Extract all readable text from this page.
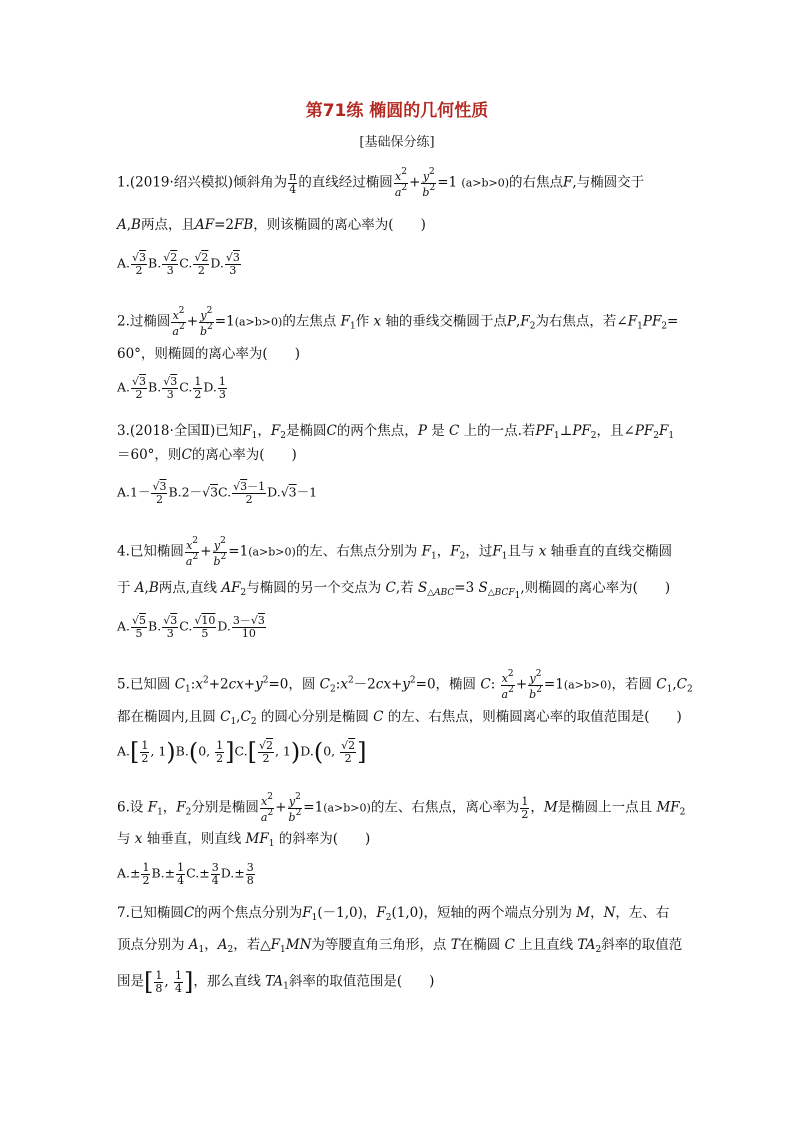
第71练 椭圆的几何性质
[基础保分练]
1.(2019·绍兴模拟)倾斜角为 $\frac{\pi}{4}$ 的直线经过椭圆 $\frac{x^2}{a^2} + \frac{y^2}{b^2} =1$ (a>b>0)的右焦点F,与椭圆交于
A,B两点，且AF=2FB，则该椭圆的离心率为(　　)
A. $\frac{√3}{2} B$. $\frac{√2}{3} C$. $\frac{√2}{2} D$. $\frac{√3}{3}$
2.过椭圆 $\frac{x^2}{a^2} + \frac{y^2}{b^2} =1(a>b>0)$的左焦点 $F_1$作 x 轴的垂线交椭圆于点$P,F_2$为右焦点，若$\angle F_1PF_2=$
60°，则椭圆的离心率为(　　)
A. $\frac{√3}{2} B$. $\frac{√3}{3} C$. $\frac{1}{2} D$. $\frac{1}{3}$
3.(2018·全国Ⅱ)已知$F_1$，$F_2$是椭圆C的两个焦点，P 是 C 上的一点.若$PF_1\perp PF_2$，且$\angle PF_2F_1$
＝60°，则C的离心率为(　　)
$A.1- \frac{√3}{2} B.2-√3C$. $\frac{√3-1}{2} D.√3-1$
4.已知椭圆 $\frac{x^2}{a^2} + \frac{y^2}{b^2} =1(a>b>0)$的左、右焦点分别为 $F_1$，$F_2$，过$F_1$且与 x 轴垂直的直线交椭圆
于 A,B两点,直线 $AF_2$与椭圆的另一个交点为 C,若 $S_{\triangle ABC}=3$ $S_{\triangle BCF_1}$,则椭圆的离心率为(　　)
A. $\frac{√5}{5} B$. $\frac{√3}{3} C$. $\frac{√10}{5} D$. $\frac{3-√3}{10}$
5.已知圆 $C_1:x^2+2cx+y^2=0$，圆 $C_2:x^2-2cx+y^2=0$，椭圆 C: $\frac{x^2}{a^2} + \frac{y^2}{b^2} =1(a>b>0)$，若圆 $C_1,C_2$
都在椭圆内,且圆 $C_1,C_2$ 的圆心分别是椭圆 C 的左、右焦点，则椭圆离心率的取值范围是(　　)
$A.[ \frac{1}{2}$ , 1)B.(0, $\frac{1}{2} ]C.[ \frac{√2}{2}$ , 1)D.(0, $\frac{√2}{2}$ ]
6.设 $F_1$，$F_2$分别是椭圆 $\frac{x^2}{a^2} + \frac{y^2}{b^2} =1(a>b>0)$的左、右焦点，离心率为 $\frac{1}{2}$ ，M是椭圆上一点且 $MF_2$
与 x 轴垂直，则直线 $MF_1$ 的斜率为(　　)
$A.\pm \frac{1}{2} B.\pm \frac{1}{4} C.\pm \frac{3}{4} D.\pm \frac{3}{8}$
7.已知椭圆C的两个焦点分别为$F_1(-1,0)$，$F_2(1,0)$，短轴的两个端点分别为 M，N，左、右
顶点分别为 $A_1$，$A_2$，若$\triangle F_1MN$为等腰直角三角形，点 T在椭圆 C 上且直线 $TA_2$斜率的取值范
围是[ $\frac{1}{8}$ , $\frac{1}{4}$ ]，那么直线 $TA_1$斜率的取值范围是(　　)
